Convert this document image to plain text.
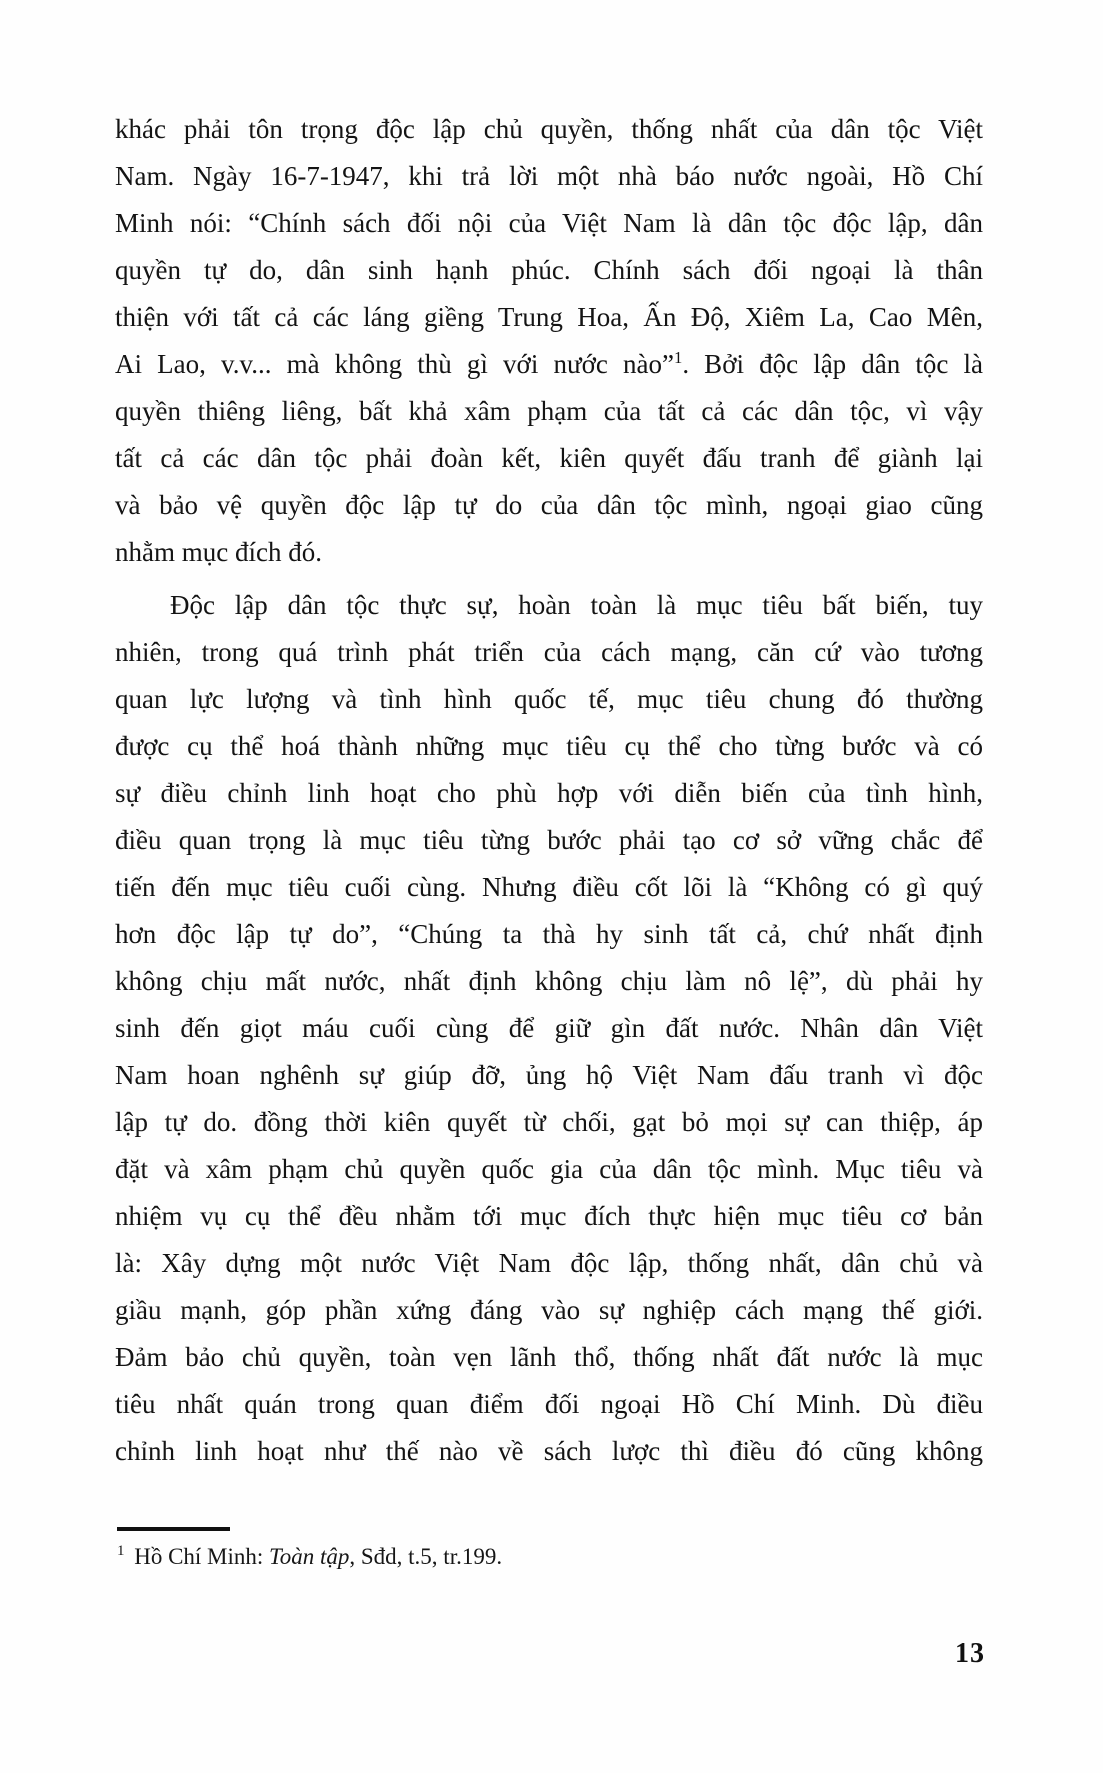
khác phải tôn trọng độc lập chủ quyền, thống nhất của dân tộc Việt
Nam. Ngày 16-7-1947, khi trả lời một nhà báo nước ngoài, Hồ Chí
Minh nói: “Chính sách đối nội của Việt Nam là dân tộc độc lập, dân
quyền tự do, dân sinh hạnh phúc. Chính sách đối ngoại là thân
thiện với tất cả các láng giềng Trung Hoa, Ấn Độ, Xiêm La, Cao Mên,
Ai Lao, v.v... mà không thù gì với nước nào”$^1$. Bởi độc lập dân tộc là
quyền thiêng liêng, bất khả xâm phạm của tất cả các dân tộc, vì vậy
tất cả các dân tộc phải đoàn kết, kiên quyết đấu tranh để giành lại
và bảo vệ quyền độc lập tự do của dân tộc mình, ngoại giao cũng
nhằm mục đích đó.
Độc lập dân tộc thực sự, hoàn toàn là mục tiêu bất biến, tuy
nhiên, trong quá trình phát triển của cách mạng, căn cứ vào tương
quan lực lượng và tình hình quốc tế, mục tiêu chung đó thường
được cụ thể hoá thành những mục tiêu cụ thể cho từng bước và có
sự điều chỉnh linh hoạt cho phù hợp với diễn biến của tình hình,
điều quan trọng là mục tiêu từng bước phải tạo cơ sở vững chắc để
tiến đến mục tiêu cuối cùng. Nhưng điều cốt lõi là “Không có gì quý
hơn độc lập tự do”, “Chúng ta thà hy sinh tất cả, chứ nhất định
không chịu mất nước, nhất định không chịu làm nô lệ”, dù phải hy
sinh đến giọt máu cuối cùng để giữ gìn đất nước. Nhân dân Việt
Nam hoan nghênh sự giúp đỡ, ủng hộ Việt Nam đấu tranh vì độc
lập tự do. đồng thời kiên quyết từ chối, gạt bỏ mọi sự can thiệp, áp
đặt và xâm phạm chủ quyền quốc gia của dân tộc mình. Mục tiêu và
nhiệm vụ cụ thể đều nhằm tới mục đích thực hiện mục tiêu cơ bản
là: Xây dựng một nước Việt Nam độc lập, thống nhất, dân chủ và
giầu mạnh, góp phần xứng đáng vào sự nghiệp cách mạng thế giới.
Đảm bảo chủ quyền, toàn vẹn lãnh thổ, thống nhất đất nước là mục
tiêu nhất quán trong quan điểm đối ngoại Hồ Chí Minh. Dù điều
chỉnh linh hoạt như thế nào về sách lược thì điều đó cũng không
$^1$ Hồ Chí Minh: Toàn tập, Sđd, t.5, tr.199.
13
